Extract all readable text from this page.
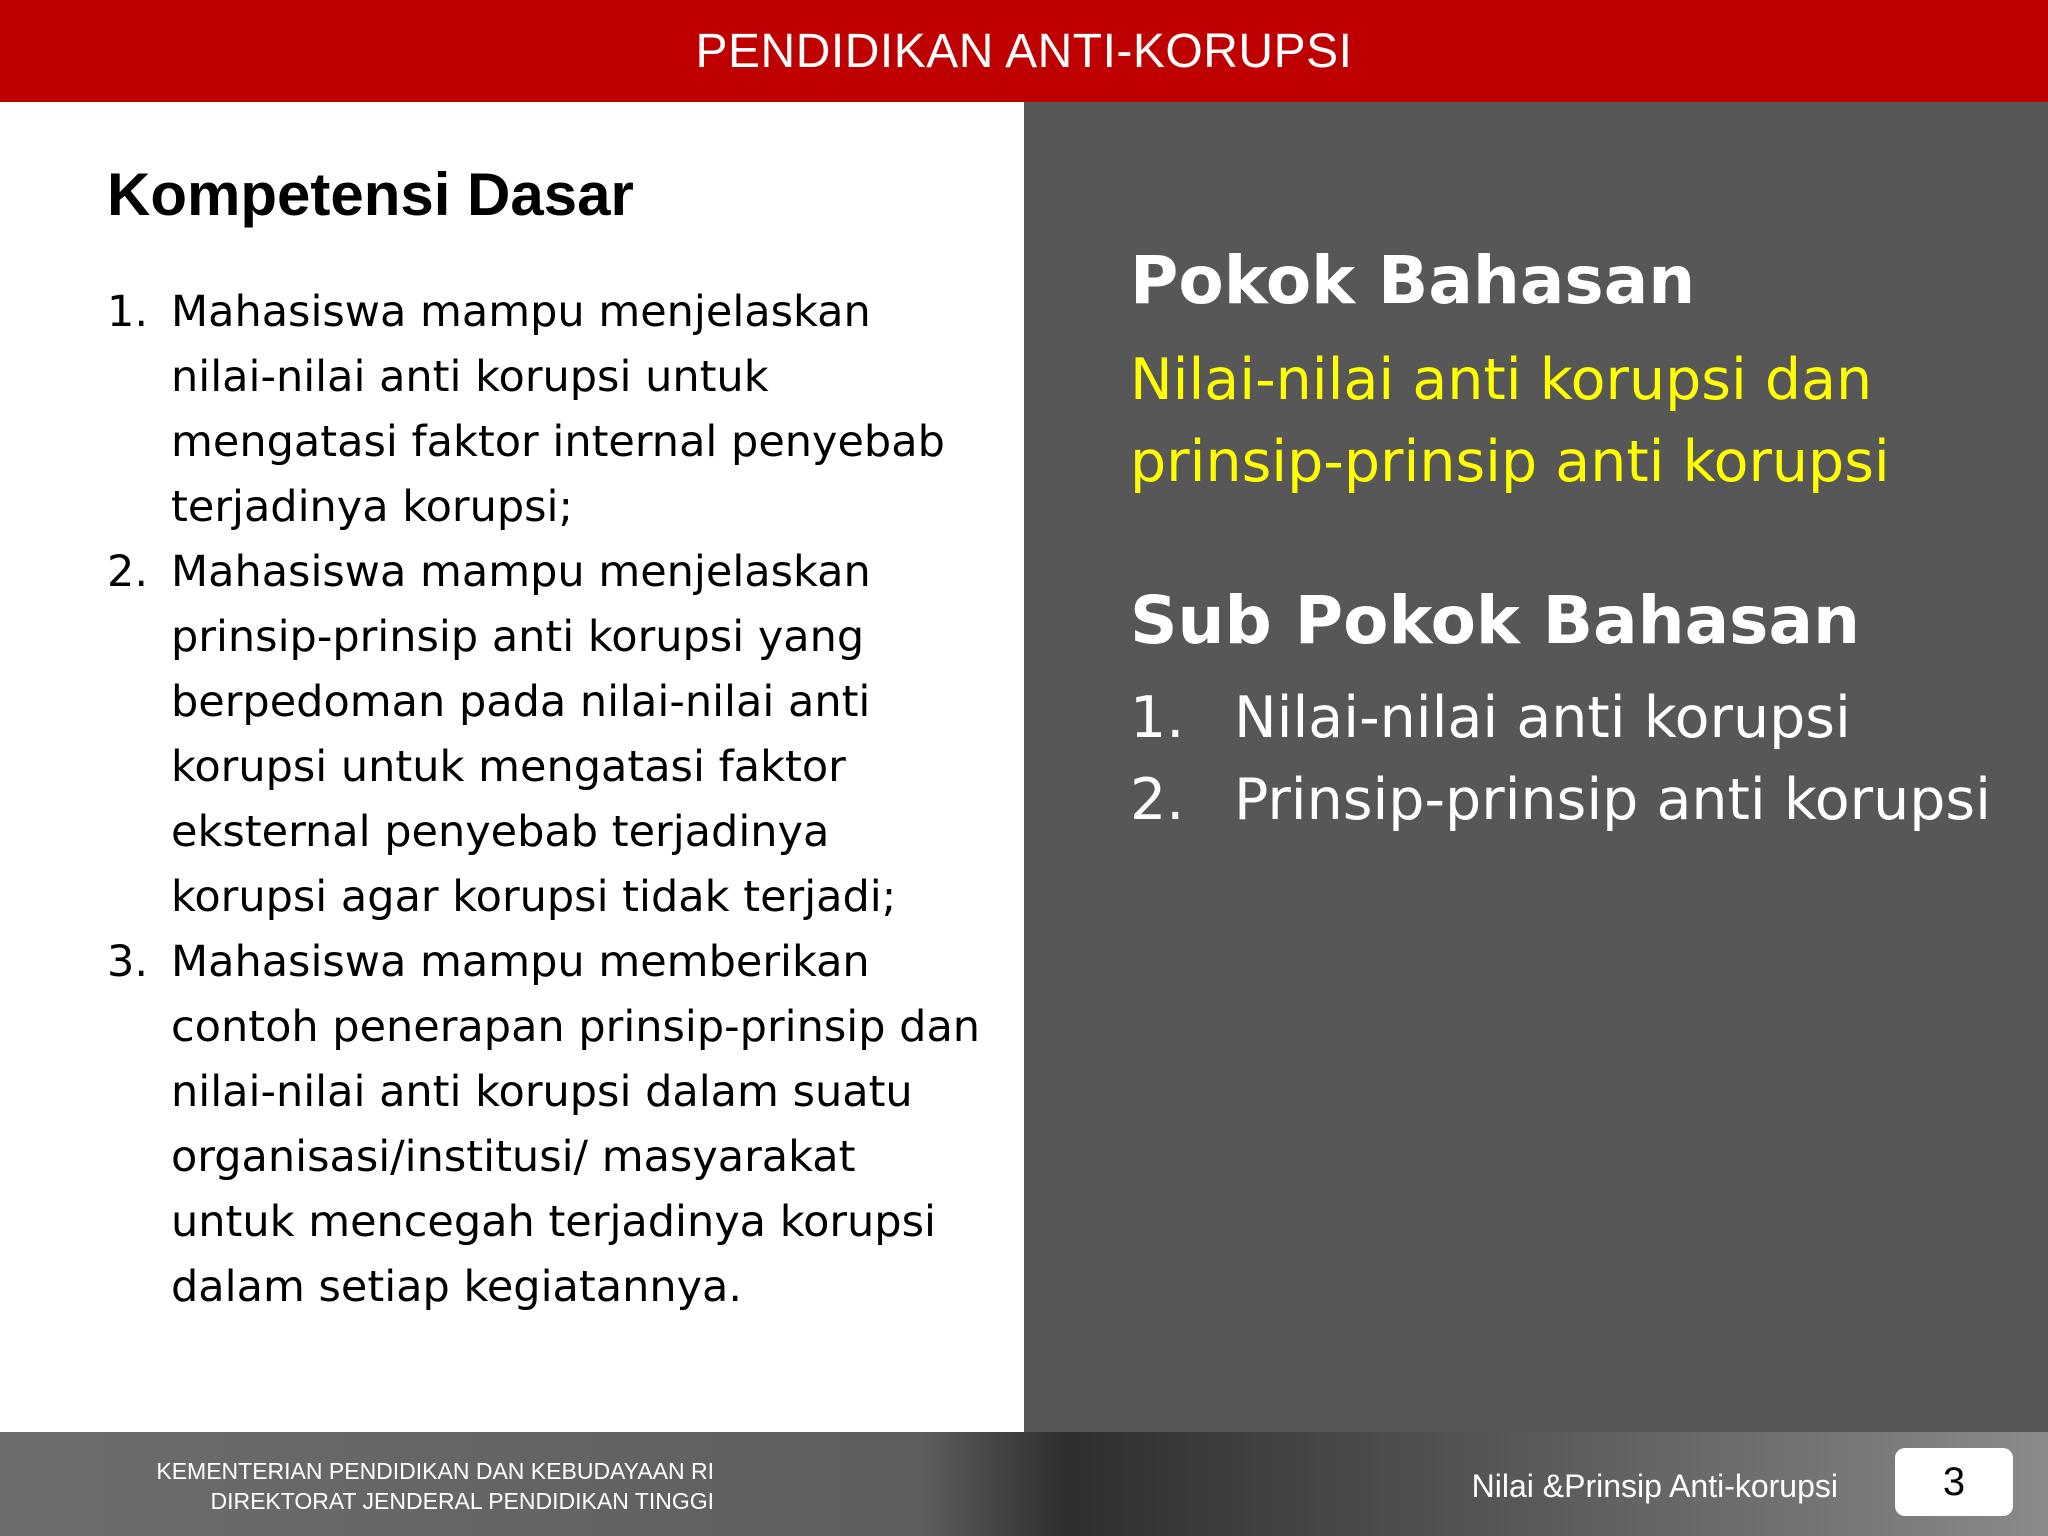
PENDIDIKAN ANTI-KORUPSI
Kompetensi Dasar
1. Mahasiswa mampu menjelaskan nilai-nilai anti korupsi untuk mengatasi faktor internal penyebab terjadinya korupsi;
2. Mahasiswa mampu menjelaskan prinsip-prinsip anti korupsi yang berpedoman pada nilai-nilai anti korupsi untuk mengatasi faktor eksternal penyebab terjadinya korupsi agar korupsi tidak terjadi;
3. Mahasiswa mampu memberikan contoh penerapan prinsip-prinsip dan nilai-nilai anti korupsi dalam suatu organisasi/institusi/ masyarakat untuk mencegah terjadinya korupsi dalam setiap kegiatannya.
Pokok Bahasan
Nilai-nilai anti korupsi dan prinsip-prinsip anti korupsi
Sub Pokok Bahasan
1. Nilai-nilai anti korupsi
2. Prinsip-prinsip anti korupsi
KEMENTERIAN PENDIDIKAN DAN KEBUDAYAAN RI
DIREKTORAT JENDERAL PENDIDIKAN TINGGI	Nilai &Prinsip Anti-korupsi	3
